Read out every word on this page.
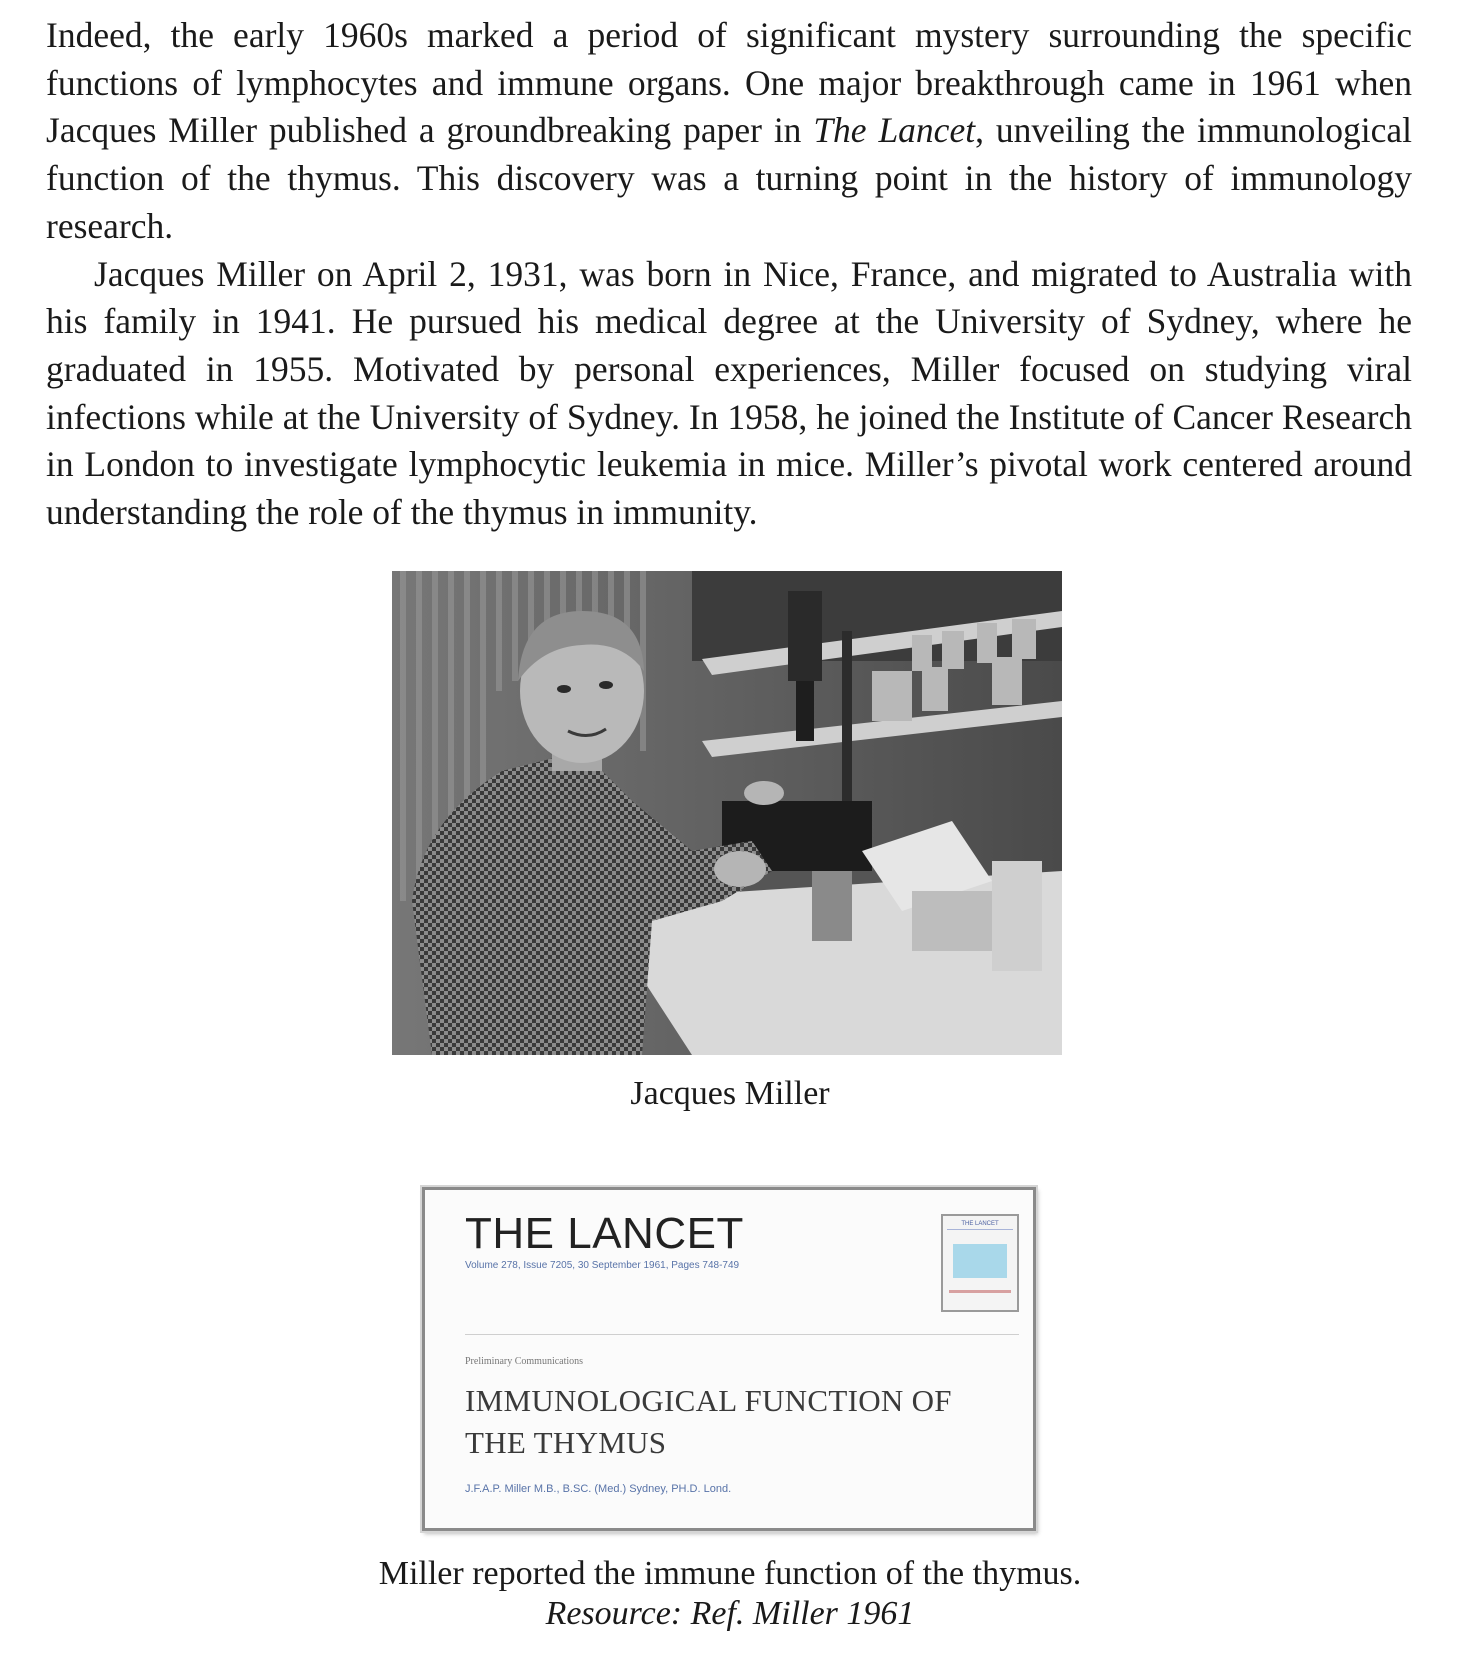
Indeed, the early 1960s marked a period of significant mystery surrounding the specific functions of lymphocytes and immune organs. One major breakthrough came in 1961 when Jacques Miller published a groundbreaking paper in The Lancet, unveiling the immunological function of the thymus. This discovery was a turning point in the history of immunology research.

Jacques Miller on April 2, 1931, was born in Nice, France, and migrated to Australia with his family in 1941. He pursued his medical degree at the University of Sydney, where he graduated in 1955. Motivated by personal experiences, Miller focused on studying viral infections while at the University of Sydney. In 1958, he joined the Institute of Cancer Research in London to investigate lymphocytic leukemia in mice. Miller’s pivotal work centered around understanding the role of the thymus in immunity.

Jacques Miller
THE LANCET
Volume 278, Issue 7205, 30 September 1961, Pages 748-749
THE LANCET
Preliminary Communications
IMMUNOLOGICAL FUNCTION OF THE THYMUS
J.F.A.P. Miller M.B., B.SC. (Med.) Sydney, PH.D. Lond.
Miller reported the immune function of the thymus.
Resource: Ref. Miller 1961
